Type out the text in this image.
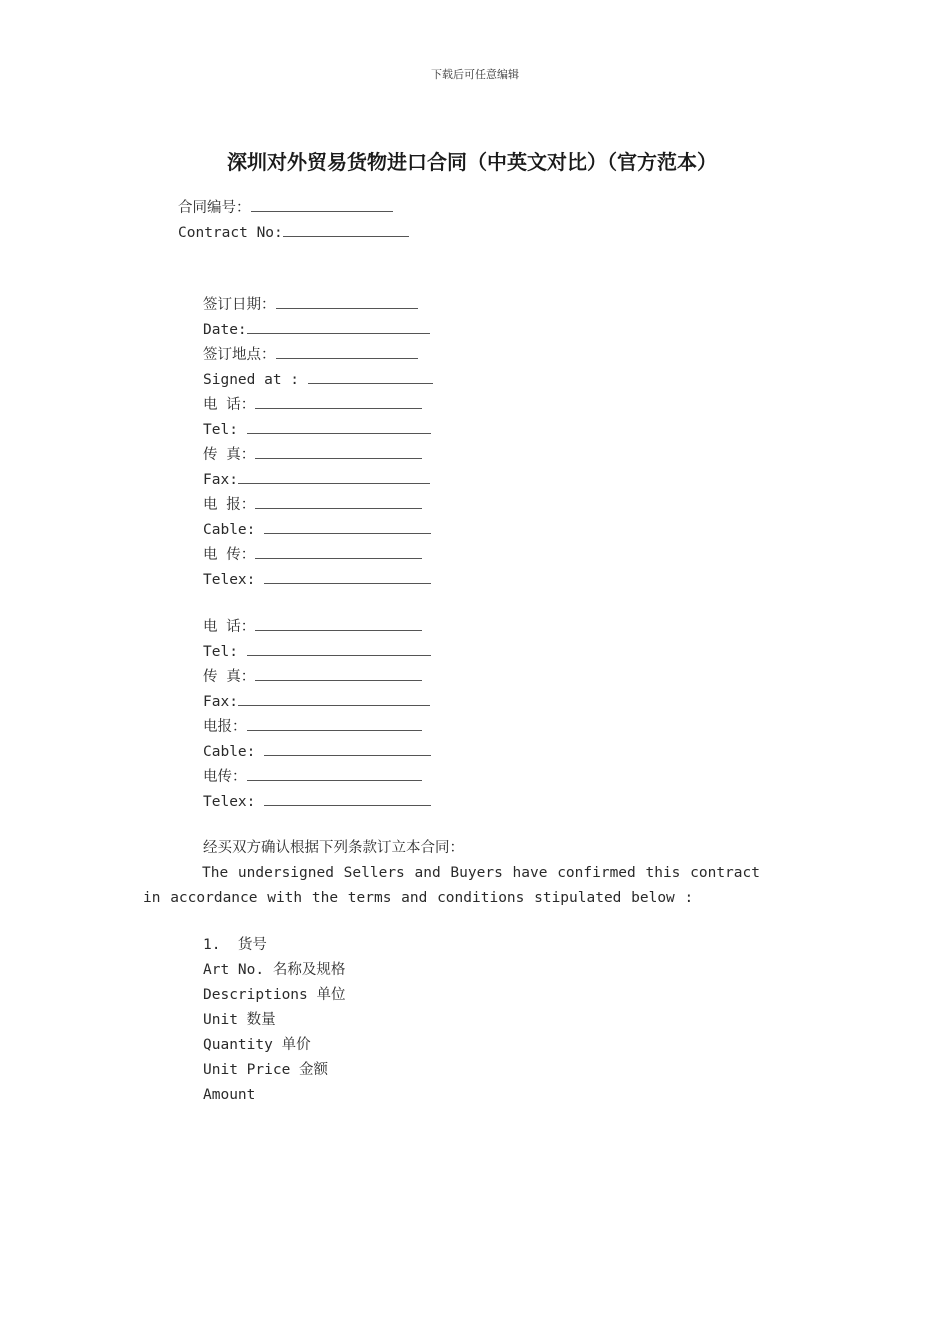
下载后可任意编辑
深圳对外贸易货物进口合同（中英文对比）（官方范本）
合同编号：
Contract No:
签订日期：
Date:
签订地点：
Signed at :
电 话：
Tel:
传 真：
Fax:
电 报：
Cable:
电 传：
Telex:
电 话：
Tel:
传 真：
Fax:
电报：
Cable:
电传：
Telex:
经买双方确认根据下列条款订立本合同：
The undersigned Sellers and Buyers have confirmed this contract in accordance with the terms and conditions stipulated below :
1.  货号
Art No. 名称及规格
Descriptions 单位
Unit 数量
Quantity 单价
Unit Price 金额
Amount
